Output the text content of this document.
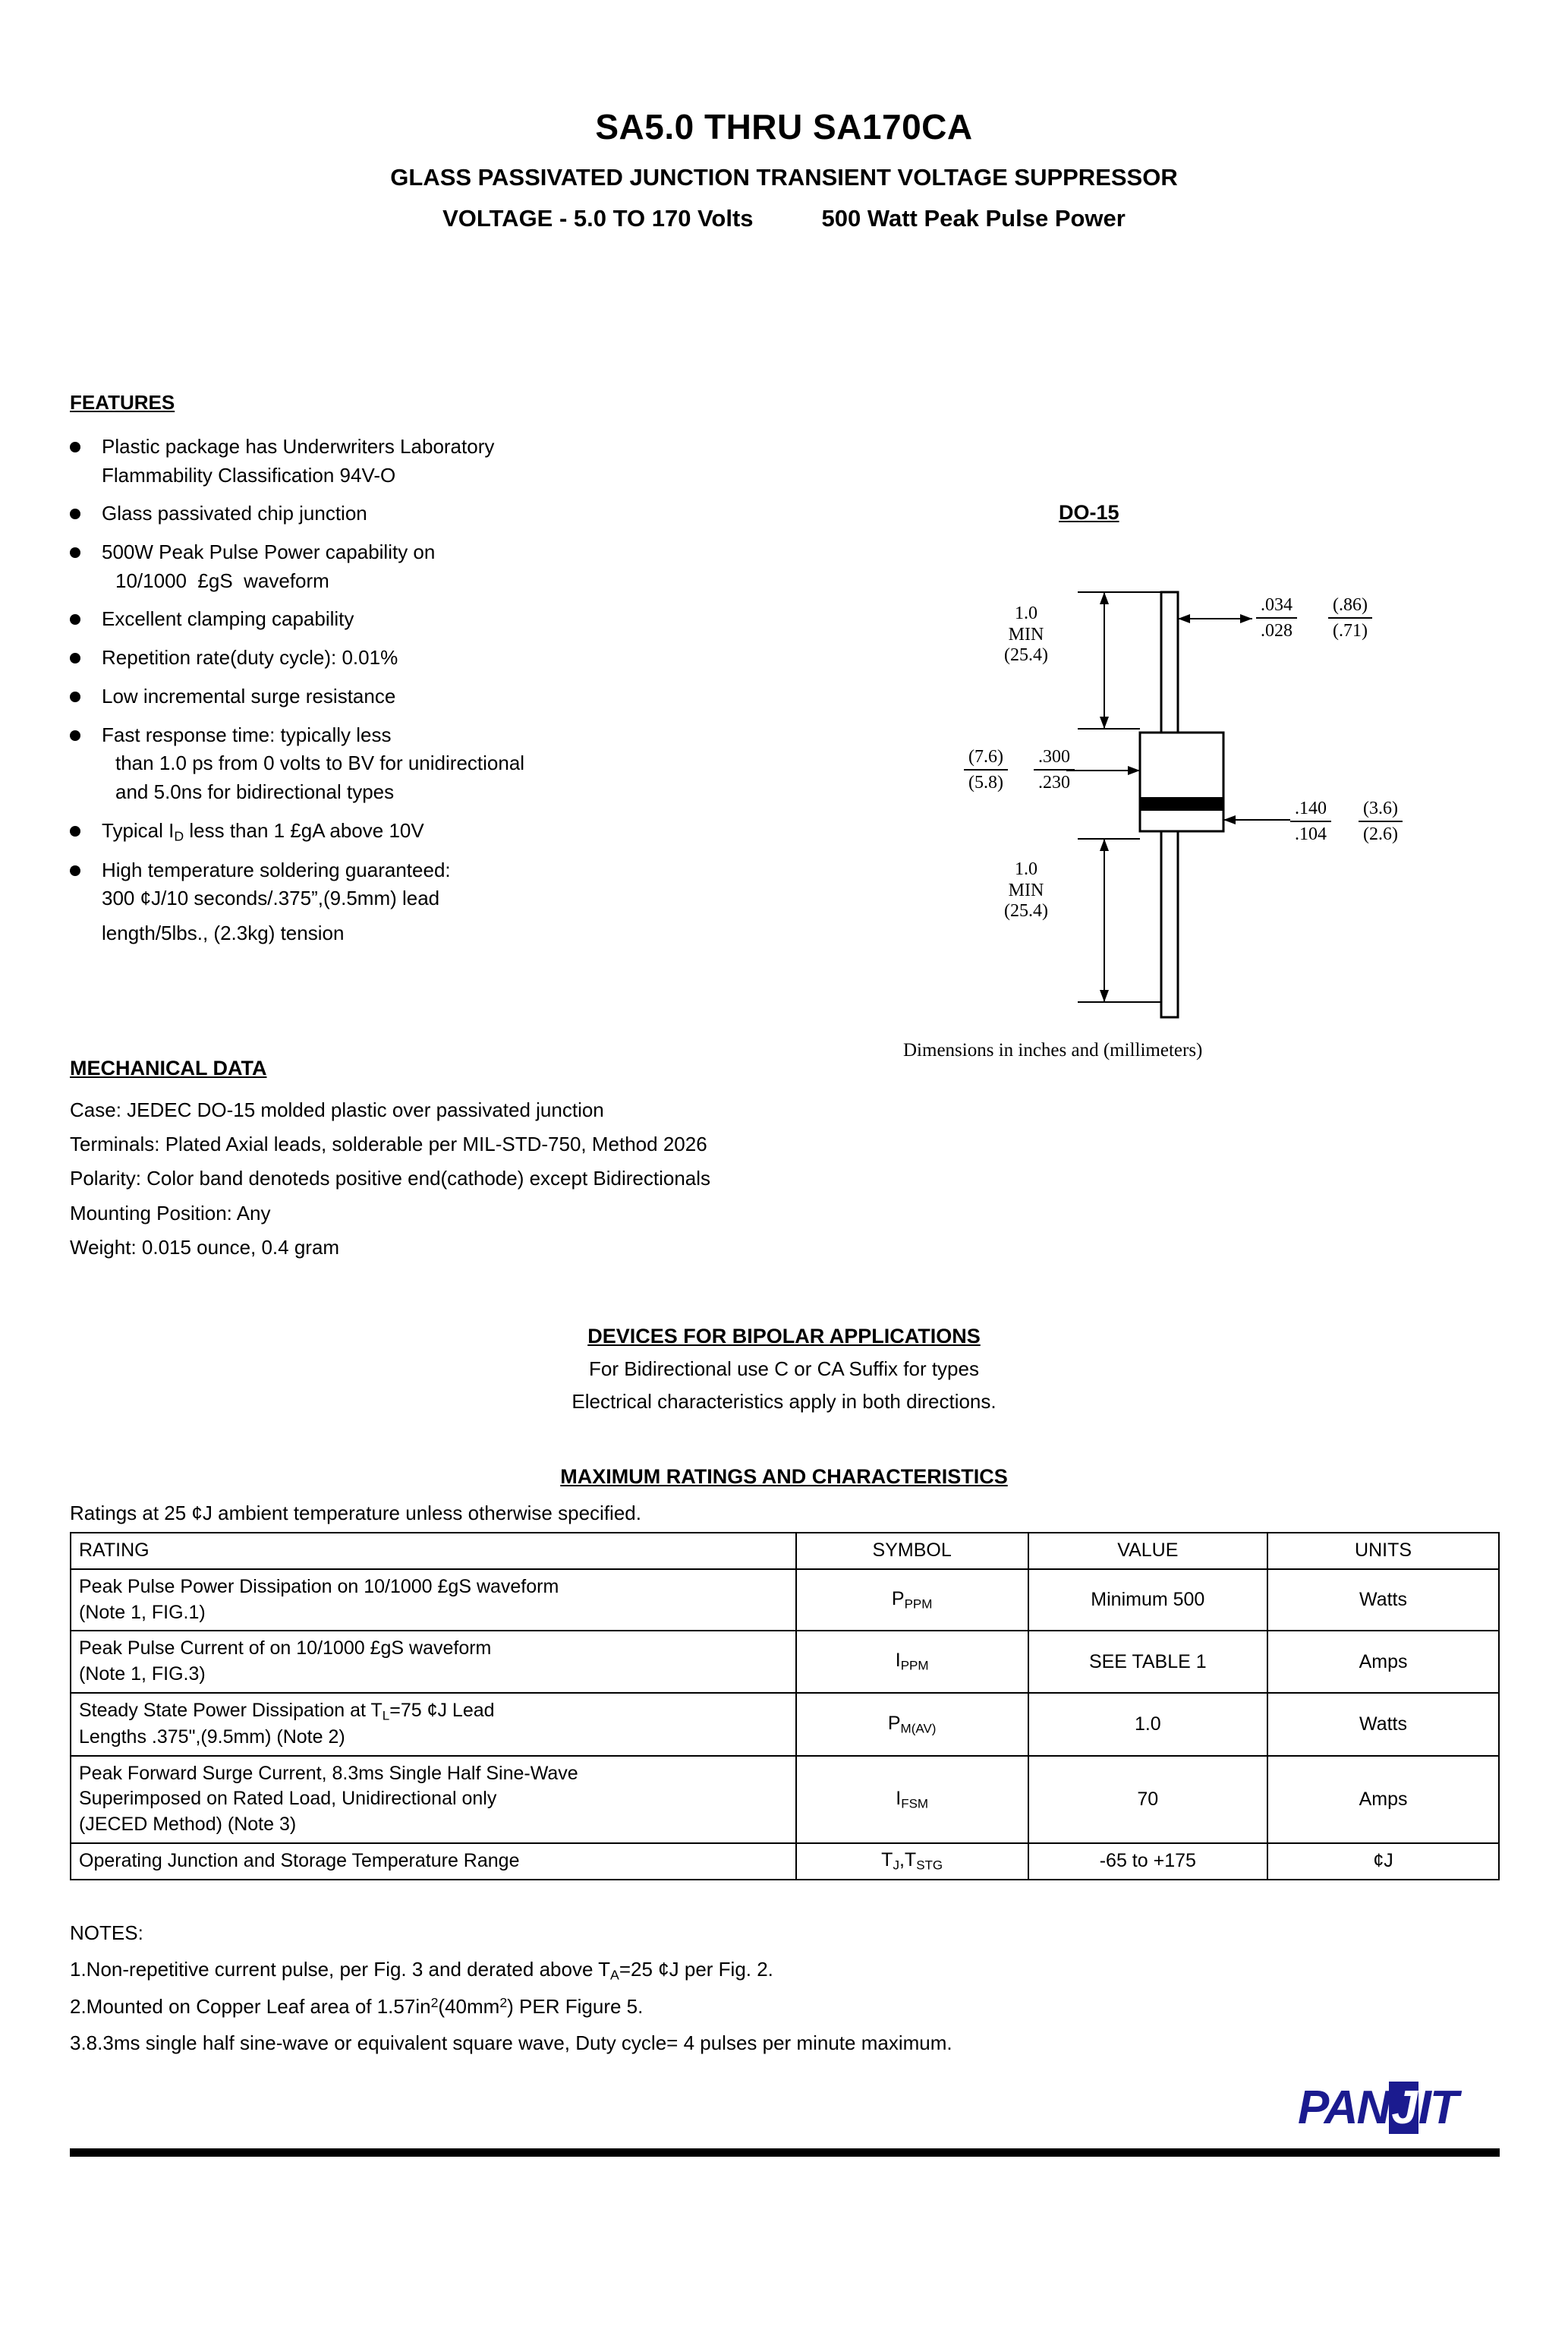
SA5.0 THRU SA170CA
GLASS PASSIVATED JUNCTION TRANSIENT VOLTAGE SUPPRESSOR
VOLTAGE - 5.0 TO 170 Volts	500 Watt Peak Pulse Power
FEATURES
Plastic package has Underwriters Laboratory
Flammability Classification 94V-O
Glass passivated chip junction
500W Peak Pulse Power capability on
10/1000  £gS  waveform
Excellent clamping capability
Repetition rate(duty cycle): 0.01%
Low incremental surge resistance
Fast response time: typically less
than 1.0 ps from 0 volts to BV for unidirectional
and 5.0ns for bidirectional types
Typical $I_D$ less than 1 £gA above 10V
High temperature soldering guaranteed:
300 ¢J/10 seconds/.375”,(9.5mm) lead
length/5lbs., (2.3kg) tension
DO-15
1.0
MIN
(25.4)
1.0
MIN
(25.4)
.034
.028
(.86)
(.71)
(7.6)
(5.8)
.300
.230
.140
.104
(3.6)
(2.6)
Dimensions in inches and (millimeters)
MECHANICAL DATA
Case: JEDEC DO-15 molded plastic over passivated junction
Terminals: Plated Axial leads, solderable per MIL-STD-750, Method 2026
Polarity: Color band denoteds positive end(cathode) except Bidirectionals
Mounting Position: Any
Weight: 0.015 ounce, 0.4 gram
DEVICES FOR BIPOLAR APPLICATIONS
For Bidirectional use C or CA Suffix for types
Electrical characteristics apply in both directions.
MAXIMUM RATINGS AND CHARACTERISTICS
Ratings at 25 ¢J ambient temperature unless otherwise specified.
RATING	SYMBOL	VALUE	UNITS

Peak Pulse Power Dissipation on 10/1000 £gS waveform
(Note 1, FIG.1)	$P_{PPM}$	Minimum 500	Watts

Peak Pulse Current of on 10/1000 £gS waveform
(Note 1, FIG.3)	$I_{PPM}$	SEE TABLE 1	Amps

Steady State Power Dissipation at $T_L=75$ ¢J Lead
Lengths .375",(9.5mm) (Note 2)	$P_{M(AV)}$	1.0	Watts

Peak Forward Surge Current, 8.3ms Single Half Sine-Wave
Superimposed on Rated Load, Unidirectional only
(JECED Method) (Note 3)	$I_{FSM}$	70	Amps
Operating Junction and Storage Temperature Range	$T_J,T_{STG}$	-65 to +175	¢J
NOTES:
1.Non-repetitive current pulse, per Fig. 3 and derated above $T_A=25$ ¢J per Fig. 2.
2.Mounted on Copper Leaf area of $1.57in^2(40mm^2)$ PER Figure 5.
3.8.3ms single half sine-wave or equivalent square wave, Duty cycle= 4 pulses per minute maximum.
PANJIT
